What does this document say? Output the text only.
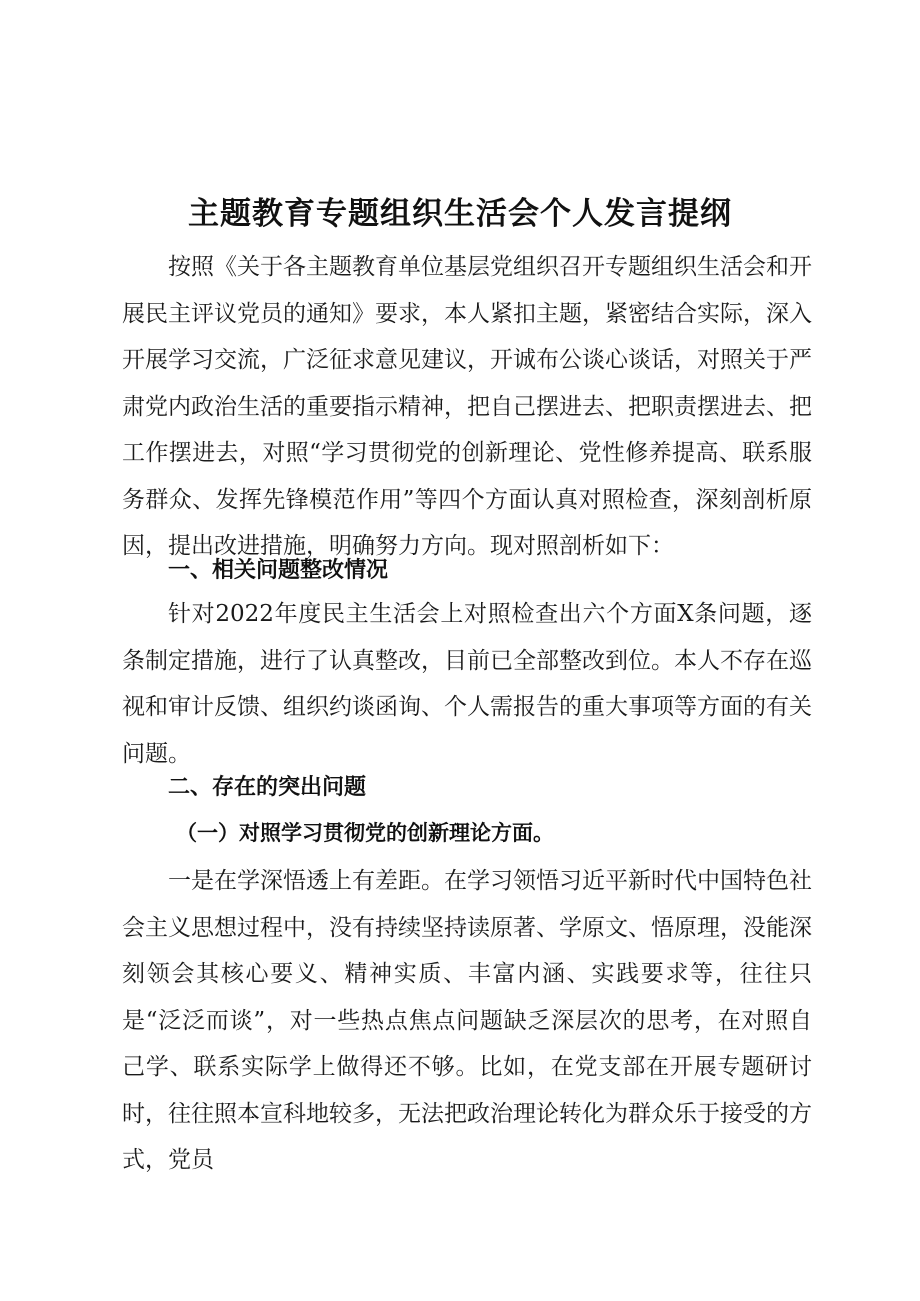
主题教育专题组织生活会个人发言提纲

按照《关于各主题教育单位基层党组织召开专题组织生活会和开展民主评议党员的通知》要求，本人紧扣主题，紧密结合实际，深入开展学习交流，广泛征求意见建议，开诚布公谈心谈话，对照关于严肃党内政治生活的重要指示精神，把自己摆进去、把职责摆进去、把工作摆进去，对照“学习贯彻党的创新理论、党性修养提高、联系服务群众、发挥先锋模范作用”等四个方面认真对照检查，深刻剖析原因，提出改进措施，明确努力方向。现对照剖析如下：

一、相关问题整改情况

针对2022年度民主生活会上对照检查出六个方面X条问题，逐条制定措施，进行了认真整改，目前已全部整改到位。本人不存在巡视和审计反馈、组织约谈函询、个人需报告的重大事项等方面的有关问题。

二、存在的突出问题
（一）对照学习贯彻党的创新理论方面。

一是在学深悟透上有差距。在学习领悟习近平新时代中国特色社会主义思想过程中，没有持续坚持读原著、学原文、悟原理，没能深刻领会其核心要义、精神实质、丰富内涵、实践要求等，往往只是“泛泛而谈”，对一些热点焦点问题缺乏深层次的思考，在对照自己学、联系实际学上做得还不够。比如，在党支部在开展专题研讨时，往往照本宣科地较多，无法把政治理论转化为群众乐于接受的方式，党员
